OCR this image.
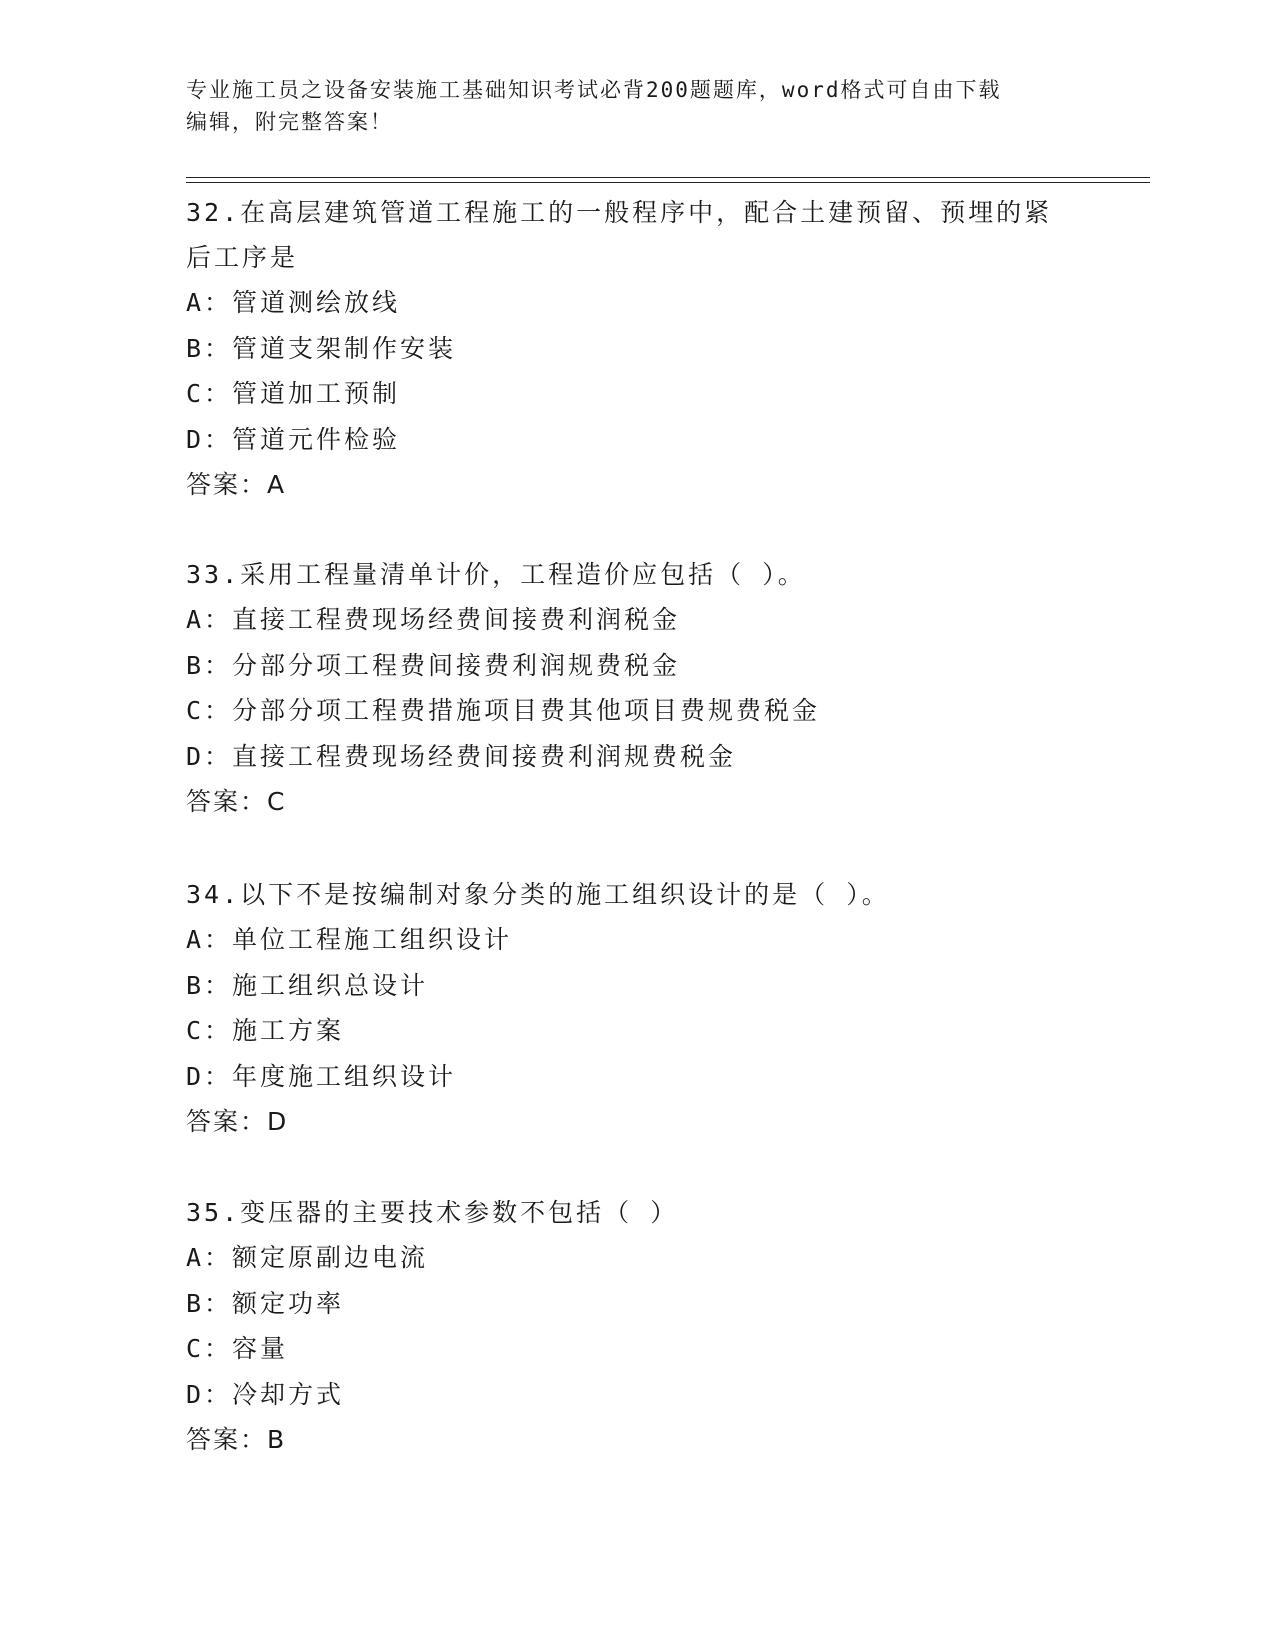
专业施工员之设备安装施工基础知识考试必背200题题库，word格式可自由下载
编辑，附完整答案！
32.在高层建筑管道工程施工的一般程序中，配合土建预留、预埋的紧
后工序是
A：管道测绘放线
B：管道支架制作安装
C：管道加工预制
D：管道元件检验
答案：A
33.采用工程量清单计价，工程造价应包括（ ）。
A：直接工程费现场经费间接费利润税金
B：分部分项工程费间接费利润规费税金
C：分部分项工程费措施项目费其他项目费规费税金
D：直接工程费现场经费间接费利润规费税金
答案：C
34.以下不是按编制对象分类的施工组织设计的是（ ）。
A：单位工程施工组织设计
B：施工组织总设计
C：施工方案
D：年度施工组织设计
答案：D
35.变压器的主要技术参数不包括（ ）
A：额定原副边电流
B：额定功率
C：容量
D：冷却方式
答案：B
